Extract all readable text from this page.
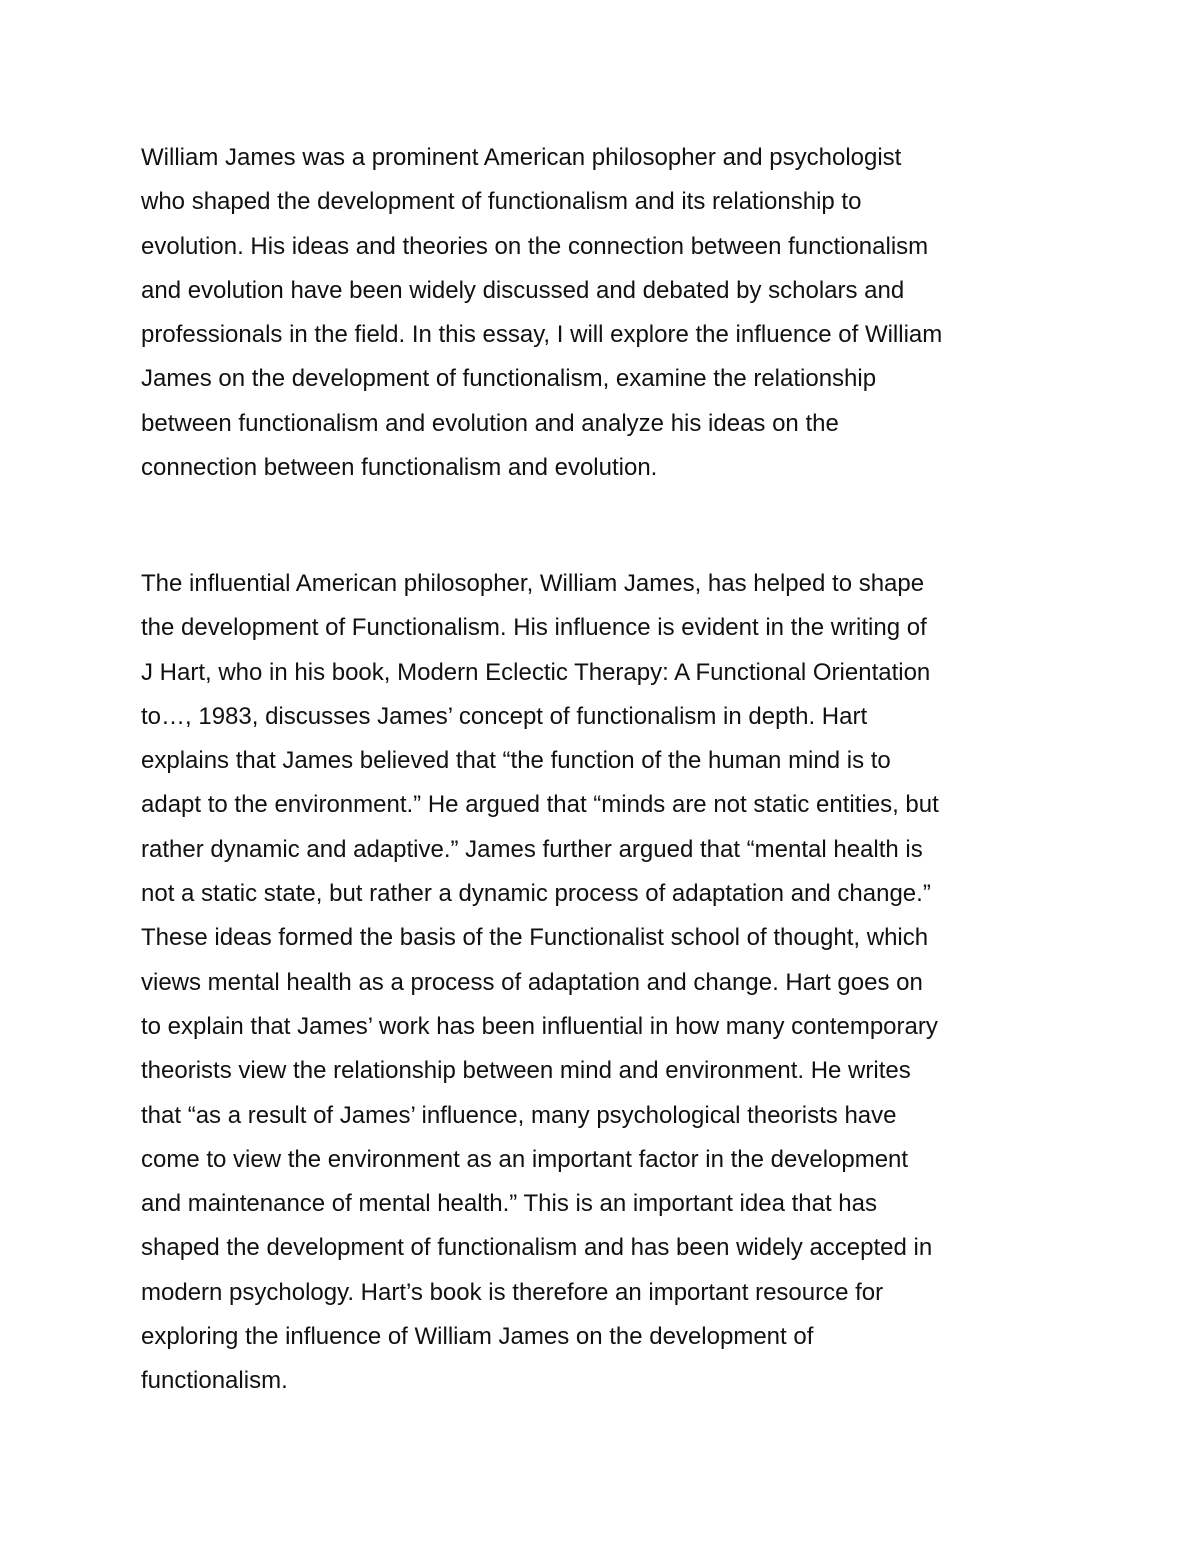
William James was a prominent American philosopher and psychologist
who shaped the development of functionalism and its relationship to
evolution. His ideas and theories on the connection between functionalism
and evolution have been widely discussed and debated by scholars and
professionals in the field. In this essay, I will explore the influence of William
James on the development of functionalism, examine the relationship
between functionalism and evolution and analyze his ideas on the
connection between functionalism and evolution.

The influential American philosopher, William James, has helped to shape
the development of Functionalism. His influence is evident in the writing of
J Hart, who in his book, Modern Eclectic Therapy: A Functional Orientation
to…, 1983, discusses James’ concept of functionalism in depth. Hart
explains that James believed that “the function of the human mind is to
adapt to the environment.” He argued that “minds are not static entities, but
rather dynamic and adaptive.” James further argued that “mental health is
not a static state, but rather a dynamic process of adaptation and change.”
These ideas formed the basis of the Functionalist school of thought, which
views mental health as a process of adaptation and change. Hart goes on
to explain that James’ work has been influential in how many contemporary
theorists view the relationship between mind and environment. He writes
that “as a result of James’ influence, many psychological theorists have
come to view the environment as an important factor in the development
and maintenance of mental health.” This is an important idea that has
shaped the development of functionalism and has been widely accepted in
modern psychology. Hart’s book is therefore an important resource for
exploring the influence of William James on the development of
functionalism.
